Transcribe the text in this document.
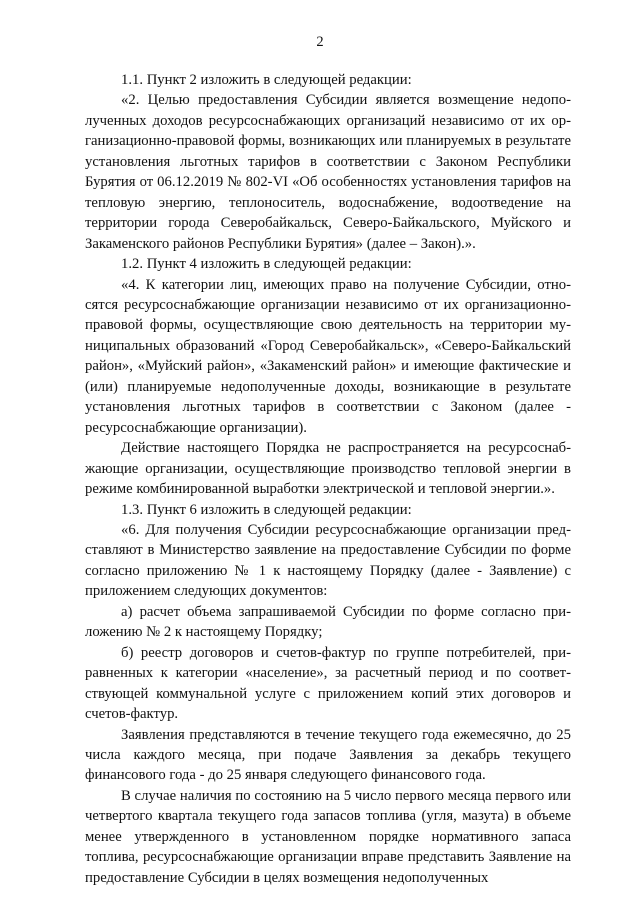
2

1.1. Пункт 2 изложить в следующей редакции:

«2. Целью предоставления Субсидии является возмещение недополученных доходов ресурсоснабжающих организаций независимо от их организационно-правовой формы, возникающих или планируемых в результате установления льготных тарифов в соответствии с Законом Республики Бурятия от 06.12.2019 № 802-VI «Об особенностях установления тарифов на тепловую энергию, теплоноситель, водоснабжение, водоотведение на территории города Северобайкальск, Северо-Байкальского, Муйского и Закаменского районов Республики Бурятия» (далее – Закон).».

1.2. Пункт 4 изложить в следующей редакции:

«4. К категории лиц, имеющих право на получение Субсидии, относятся ресурсоснабжающие организации независимо от их организационно-правовой формы, осуществляющие свою деятельность на территории муниципальных образований «Город Северобайкальск», «Северо-Байкальский район», «Муйский район», «Закаменский район» и имеющие фактические и (или) планируемые недополученные доходы, возникающие в результате установления льготных тарифов в соответствии с Законом (далее - ресурсоснабжающие организации).

Действие настоящего Порядка не распространяется на ресурсоснабжающие организации, осуществляющие производство тепловой энергии в режиме комбинированной выработки электрической и тепловой энергии.».

1.3. Пункт 6 изложить в следующей редакции:

«6. Для получения Субсидии ресурсоснабжающие организации представляют в Министерство заявление на предоставление Субсидии по форме согласно приложению № 1 к настоящему Порядку (далее - Заявление) с приложением следующих документов:

а) расчет объема запрашиваемой Субсидии по форме согласно приложению № 2 к настоящему Порядку;

б) реестр договоров и счетов-фактур по группе потребителей, приравненных к категории «население», за расчетный период и по соответствующей коммунальной услуге с приложением копий этих договоров и счетов-фактур.

Заявления представляются в течение текущего года ежемесячно, до 25 числа каждого месяца, при подаче Заявления за декабрь текущего финансового года - до 25 января следующего финансового года.

В случае наличия по состоянию на 5 число первого месяца первого или четвертого квартала текущего года запасов топлива (угля, мазута) в объеме менее утвержденного в установленном порядке нормативного запаса топлива, ресурсоснабжающие организации вправе представить Заявление на предоставление Субсидии в целях возмещения недополученных
